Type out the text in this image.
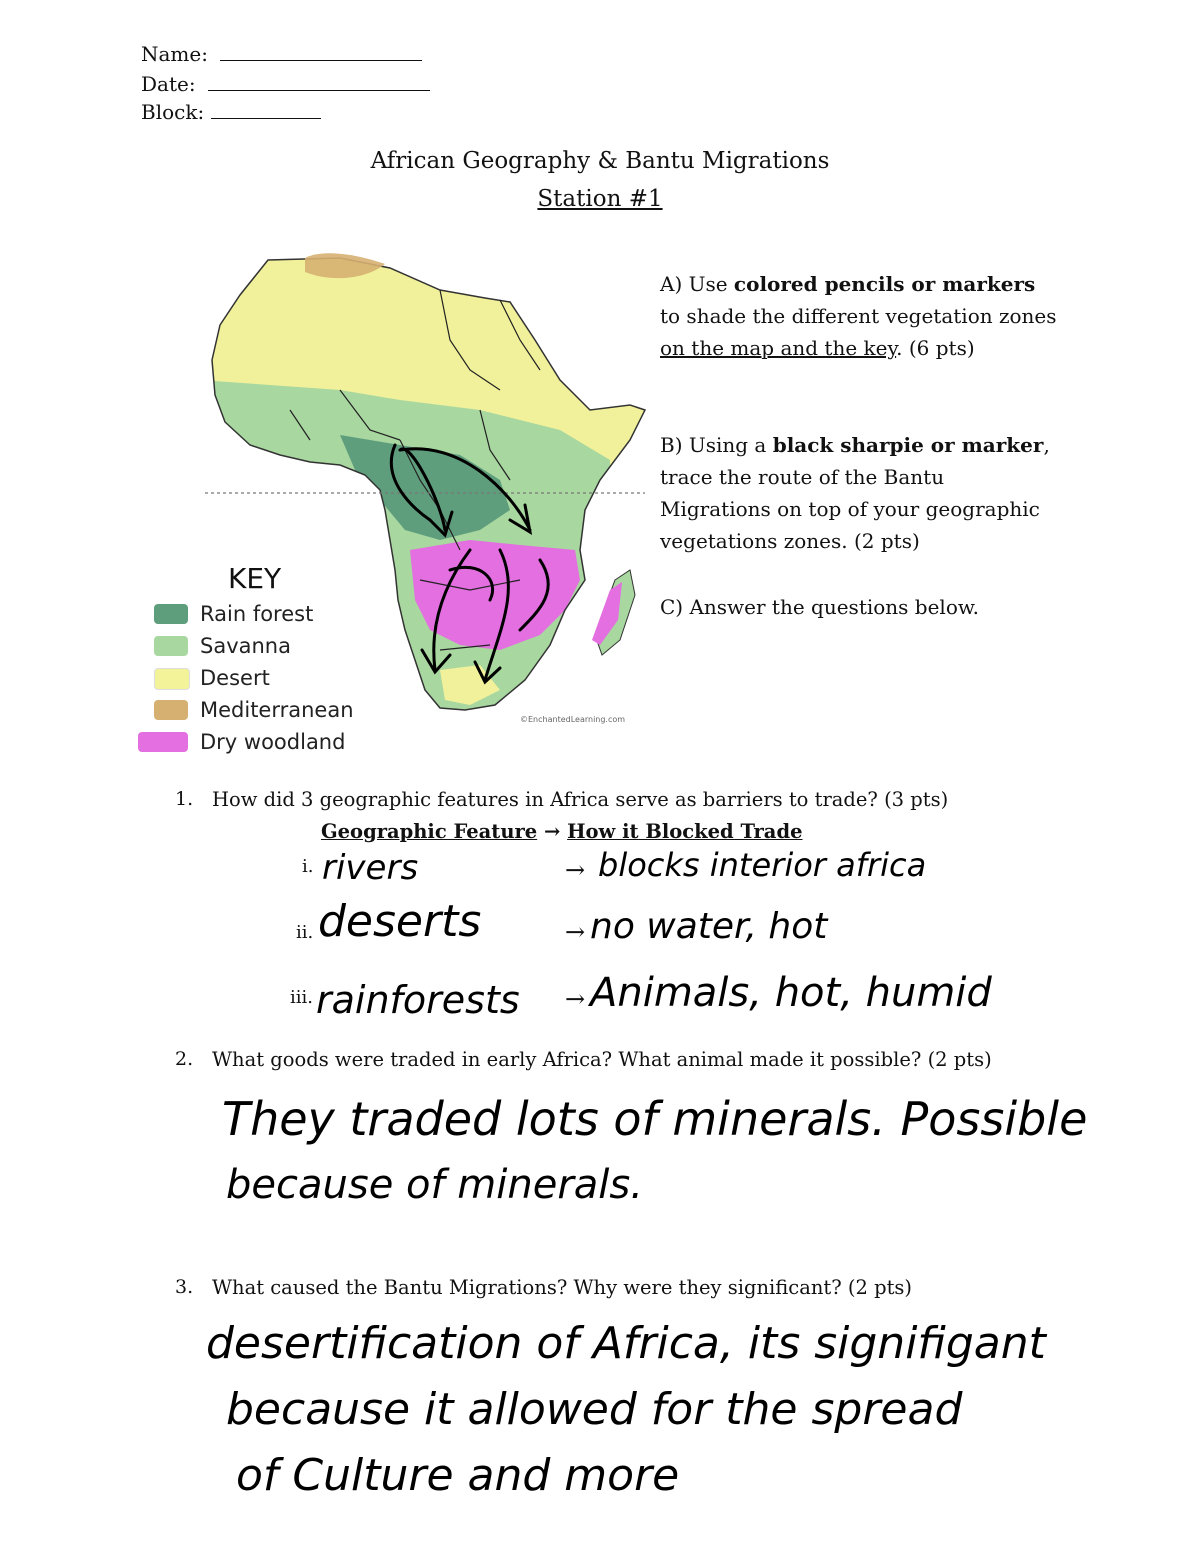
Name:
Date:
Block:
African Geography & Bantu Migrations
Station #1
©EnchantedLearning.com
KEY
Rain forest
Savanna
Desert
Mediterranean
Dry woodland
A) Use colored pencils or markers to shade the different vegetation zones on the map and the key. (6 pts)
B) Using a black sharpie or marker, trace the route of the Bantu Migrations on top of your geographic vegetations zones. (2 pts)
C) Answer the questions below.
1. How did 3 geographic features in Africa serve as barriers to trade? (3 pts)
Geographic Feature → How it Blocked Trade
i. rivers	→ blocks interior africa
ii. deserts	→ no water, hot
iii. rainforests → Animals, hot, humid
2. What goods were traded in early Africa? What animal made it possible? (2 pts)
They traded lots of minerals. Possible
because of minerals.
3. What caused the Bantu Migrations? Why were they significant? (2 pts)
desertification of Africa, its signifigant
because it allowed for the spread
of Culture and more
